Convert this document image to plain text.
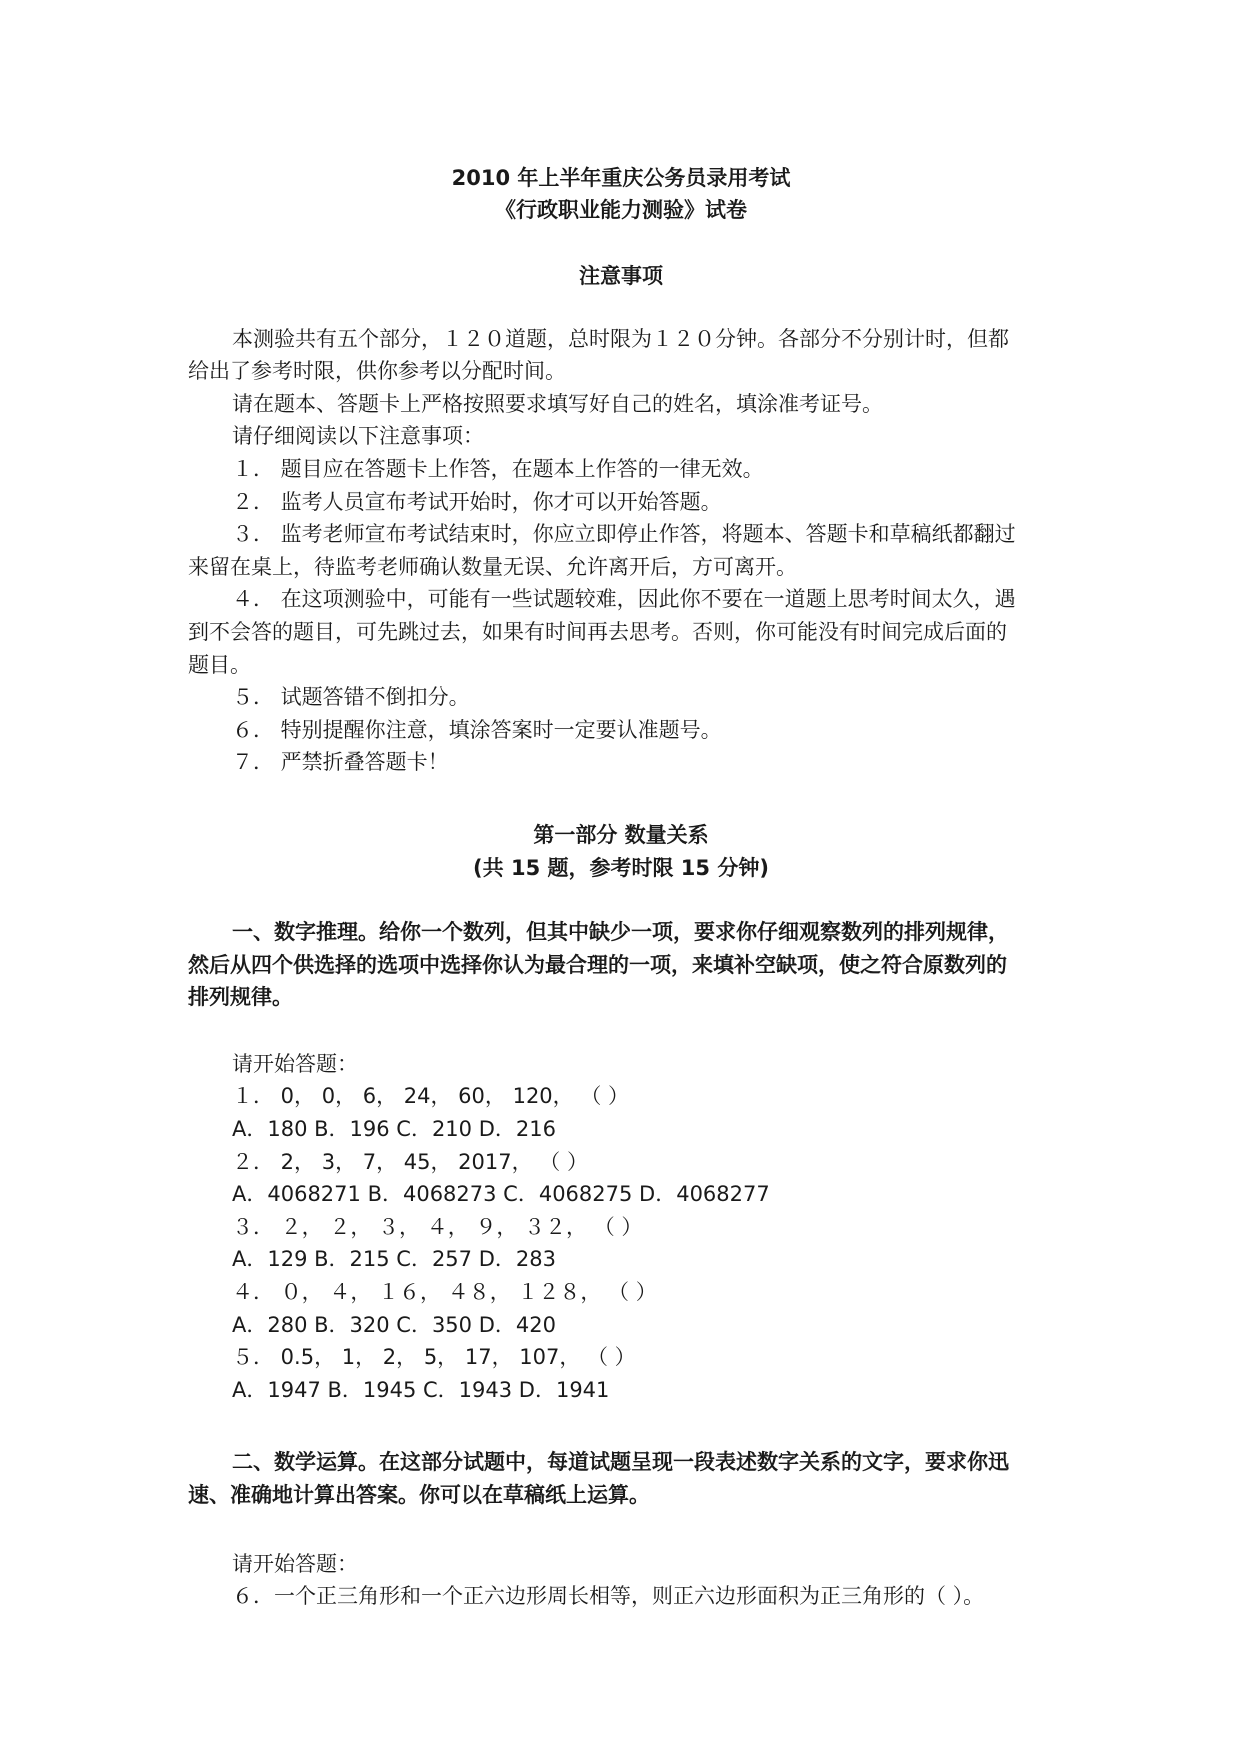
2010 年上半年重庆公务员录用考试
《行政职业能力测验》试卷
注意事项
本测验共有五个部分，１２０道题，总时限为１２０分钟。各部分不分别计时，但都
给出了参考时限，供你参考以分配时间。
请在题本、答题卡上严格按照要求填写好自己的姓名，填涂准考证号。
请仔细阅读以下注意事项：
１． 题目应在答题卡上作答，在题本上作答的一律无效。
２． 监考人员宣布考试开始时，你才可以开始答题。
３． 监考老师宣布考试结束时，你应立即停止作答，将题本、答题卡和草稿纸都翻过
来留在桌上，待监考老师确认数量无误、允许离开后，方可离开。
４． 在这项测验中，可能有一些试题较难，因此你不要在一道题上思考时间太久，遇
到不会答的题目，可先跳过去，如果有时间再去思考。否则，你可能没有时间完成后面的
题目。
５． 试题答错不倒扣分。
６． 特别提醒你注意，填涂答案时一定要认准题号。
７． 严禁折叠答题卡！
第一部分 数量关系
(共 15 题，参考时限 15 分钟)
一、数字推理。给你一个数列，但其中缺少一项，要求你仔细观察数列的排列规律，
然后从四个供选择的选项中选择你认为最合理的一项，来填补空缺项，使之符合原数列的
排列规律。
请开始答题：
１． 0， 0， 6， 24， 60， 120， （ ）
A．180 B．196 C．210 D．216
２． 2， 3， 7， 45， 2017， （ ）
A．4068271 B．4068273 C．4068275 D．4068277
３． ２， ２， ３， ４， ９， ３２， （ ）
A．129 B．215 C．257 D．283
４． ０， ４， １６， ４８， １２８， （ ）
A．280 B．320 C．350 D．420
５． 0.5， 1， 2， 5， 17， 107， （ ）
A．1947 B．1945 C．1943 D．1941
二、数学运算。在这部分试题中，每道试题呈现一段表述数字关系的文字，要求你迅
速、准确地计算出答案。你可以在草稿纸上运算。
请开始答题：
６．一个正三角形和一个正六边形周长相等，则正六边形面积为正三角形的（ ）。
